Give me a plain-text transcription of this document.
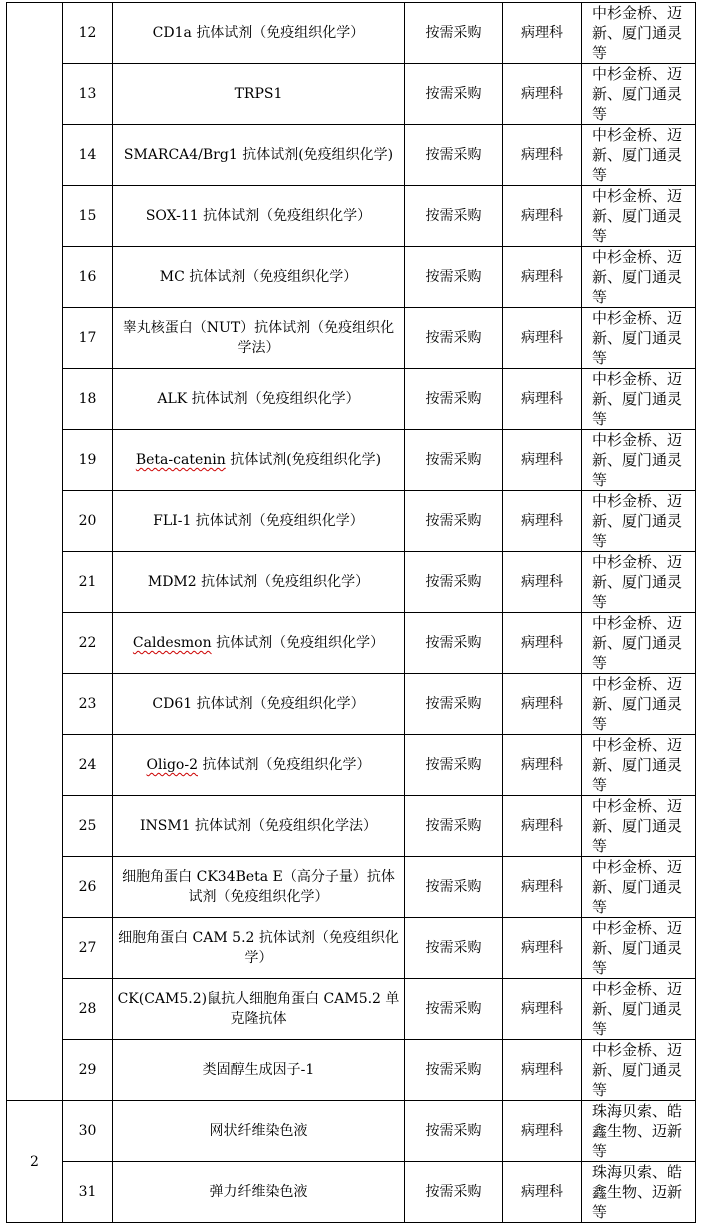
	12	CD1a 抗体试剂（免疫组织化学）	按需采购	病理科	中杉金桥、迈新、厦门通灵等
	13	TRPS1	按需采购	病理科	中杉金桥、迈新、厦门通灵等
	14	SMARCA4/Brg1 抗体试剂(免疫组织化学)	按需采购	病理科	中杉金桥、迈新、厦门通灵等
	15	SOX-11 抗体试剂（免疫组织化学）	按需采购	病理科	中杉金桥、迈新、厦门通灵等
	16	MC 抗体试剂（免疫组织化学）	按需采购	病理科	中杉金桥、迈新、厦门通灵等
	17	睾丸核蛋白（NUT）抗体试剂（免疫组织化学法）	按需采购	病理科	中杉金桥、迈新、厦门通灵等
	18	ALK 抗体试剂（免疫组织化学）	按需采购	病理科	中杉金桥、迈新、厦门通灵等
	19	Beta-catenin 抗体试剂(免疫组织化学)	按需采购	病理科	中杉金桥、迈新、厦门通灵等
	20	FLI-1 抗体试剂（免疫组织化学）	按需采购	病理科	中杉金桥、迈新、厦门通灵等
	21	MDM2 抗体试剂（免疫组织化学）	按需采购	病理科	中杉金桥、迈新、厦门通灵等
	22	Caldesmon 抗体试剂（免疫组织化学）	按需采购	病理科	中杉金桥、迈新、厦门通灵等
	23	CD61 抗体试剂（免疫组织化学）	按需采购	病理科	中杉金桥、迈新、厦门通灵等
	24	Oligo-2 抗体试剂（免疫组织化学）	按需采购	病理科	中杉金桥、迈新、厦门通灵等
	25	INSM1 抗体试剂（免疫组织化学法）	按需采购	病理科	中杉金桥、迈新、厦门通灵等
	26	细胞角蛋白 CK34Beta E（高分子量）抗体试剂（免疫组织化学）	按需采购	病理科	中杉金桥、迈新、厦门通灵等
	27	细胞角蛋白 CAM 5.2 抗体试剂（免疫组织化学）	按需采购	病理科	中杉金桥、迈新、厦门通灵等
	28	CK(CAM5.2)鼠抗人细胞角蛋白 CAM5.2 单克隆抗体	按需采购	病理科	中杉金桥、迈新、厦门通灵等
	29	类固醇生成因子-1	按需采购	病理科	中杉金桥、迈新、厦门通灵等
2	30	网状纤维染色液	按需采购	病理科	珠海贝索、皓鑫生物、迈新等
	31	弹力纤维染色液	按需采购	病理科	珠海贝索、皓鑫生物、迈新等
